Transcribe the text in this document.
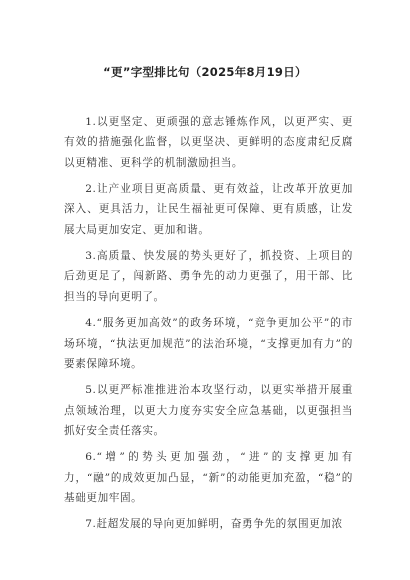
“更”字型排比句（2025年8月19日）

1.以更坚定、更顽强的意志锤炼作风，以更严实、更有效的措施强化监督，以更坚决、更鲜明的态度肃纪反腐以更精准、更科学的机制激励担当。

2.让产业项目更高质量、更有效益，让改革开放更加深入、更具活力，让民生福祉更可保障、更有质感，让发展大局更加安定、更加和谐。

3.高质量、快发展的势头更好了，抓投资、上项目的后劲更足了，闯新路、勇争先的动力更强了，用干部、比担当的导向更明了。

4.“服务更加高效”的政务环境，“竞争更加公平”的市场环境，“执法更加规范”的法治环境，“支撑更加有力”的要素保障环境。

5.以更严标准推进治本攻坚行动，以更实举措开展重点领域治理，以更大力度夯实安全应急基础，以更强担当抓好安全责任落实。

6.“增”的势头更加强劲，“进”的支撑更加有力，“融”的成效更加凸显，“新”的动能更加充盈，“稳”的基础更加牢固。

7.赶超发展的导向更加鲜明，奋勇争先的氛围更加浓
